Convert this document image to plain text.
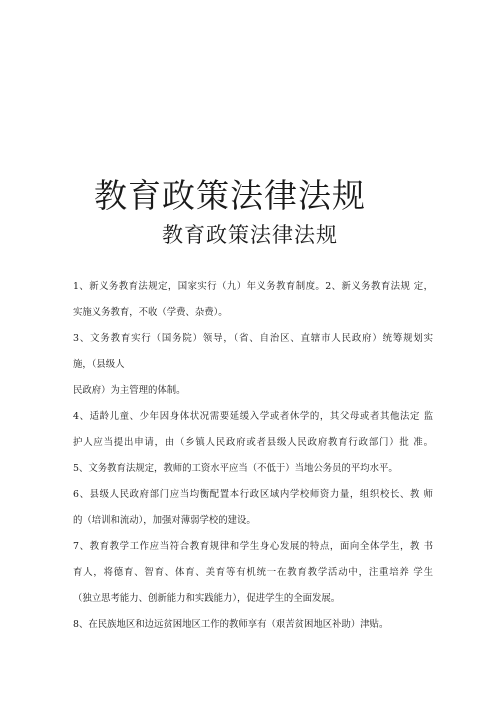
教育政策法律法规
教育政策法律法规
1、新义务教育法规定，国家实行（九）年义务教育制度。2、新义务教育法规 定，
实施义务教育，不收（学费、杂费）。
3、文务教育实行（国务院）领导，（省、自治区、直辖市人民政府）统筹规划实
施，（县级人
民政府）为主管理的体制。
4、适龄儿童、少年因身体状况需要延缓入学或者休学的，其父母或者其他法定 监
护人应当提出申请，由（乡镇人民政府或者县级人民政府教育行政部门）批 准。
5、文务教育法规定，教师的工资水平应当（不低于）当地公务员的平均水平。
6、县级人民政府部门应当均衡配置本行政区域内学校师资力量，组织校长、教 师
的（培训和流动），加强对薄弱学校的建设。
7、教育教学工作应当符合教育规律和学生身心发展的特点，面向全体学生，教 书
育人，将德育、智育、体育、美育等有机统一在教育教学活动中，注重培养 学生
（独立思考能力、创新能力和实践能力），促进学生的全面发展。
8、在民族地区和边远贫困地区工作的教师享有（艰苦贫困地区补助）津贴。
